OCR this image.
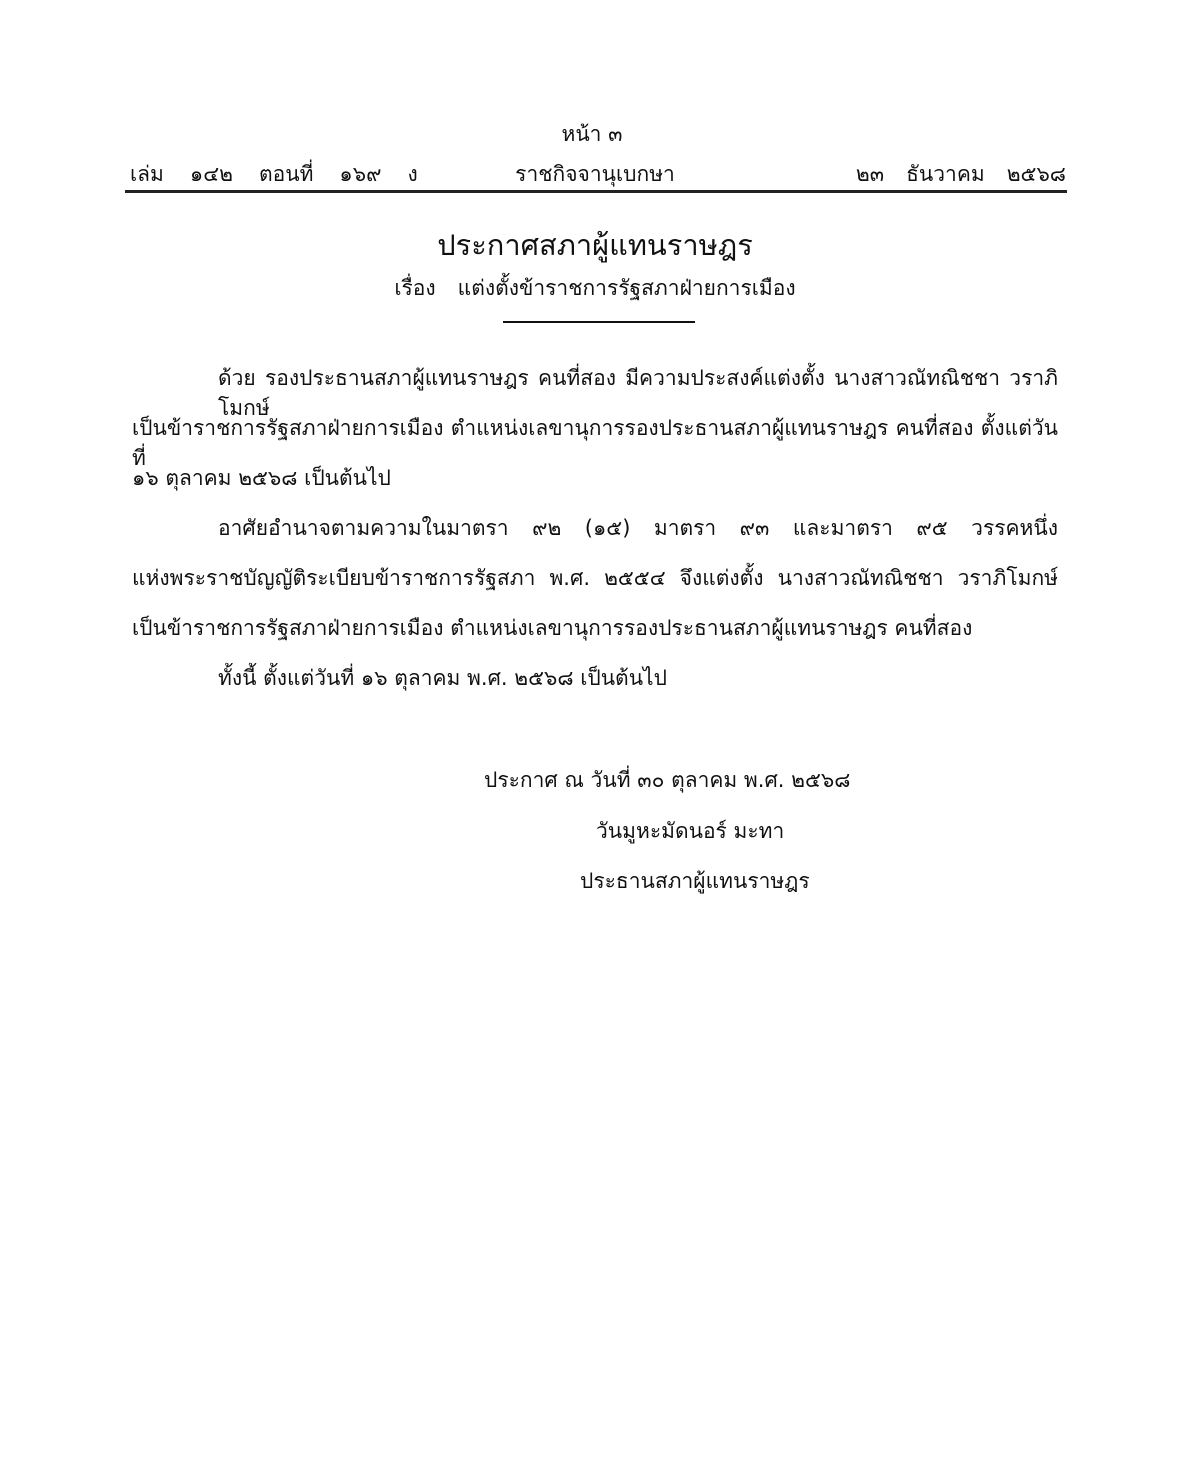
หน้า ๓
เล่ม ๑๔๒ ตอนที่ ๑๖๙ ง	ราชกิจจานุเบกษา	๒๓ ธันวาคม ๒๕๖๘
ประกาศสภาผู้แทนราษฎร
เรื่อง แต่งตั้งข้าราชการรัฐสภาฝ่ายการเมือง
ด้วย รองประธานสภาผู้แทนราษฎร คนที่สอง มีความประสงค์แต่งตั้ง นางสาวณัทณิชชา วราภิโมกษ์
เป็นข้าราชการรัฐสภาฝ่ายการเมือง ตำแหน่งเลขานุการรองประธานสภาผู้แทนราษฎร คนที่สอง ตั้งแต่วันที่
๑๖ ตุลาคม ๒๕๖๘ เป็นต้นไป
อาศัยอำนาจตามความในมาตรา ๙๒ (๑๕) มาตรา ๙๓ และมาตรา ๙๕ วรรคหนึ่ง
แห่งพระราชบัญญัติระเบียบข้าราชการรัฐสภา พ.ศ. ๒๕๕๔ จึงแต่งตั้ง นางสาวณัทณิชชา วราภิโมกษ์
เป็นข้าราชการรัฐสภาฝ่ายการเมือง ตำแหน่งเลขานุการรองประธานสภาผู้แทนราษฎร คนที่สอง
ทั้งนี้ ตั้งแต่วันที่ ๑๖ ตุลาคม พ.ศ. ๒๕๖๘ เป็นต้นไป
ประกาศ ณ วันที่ ๓๐ ตุลาคม พ.ศ. ๒๕๖๘
วันมูหะมัดนอร์ มะทา
ประธานสภาผู้แทนราษฎร
